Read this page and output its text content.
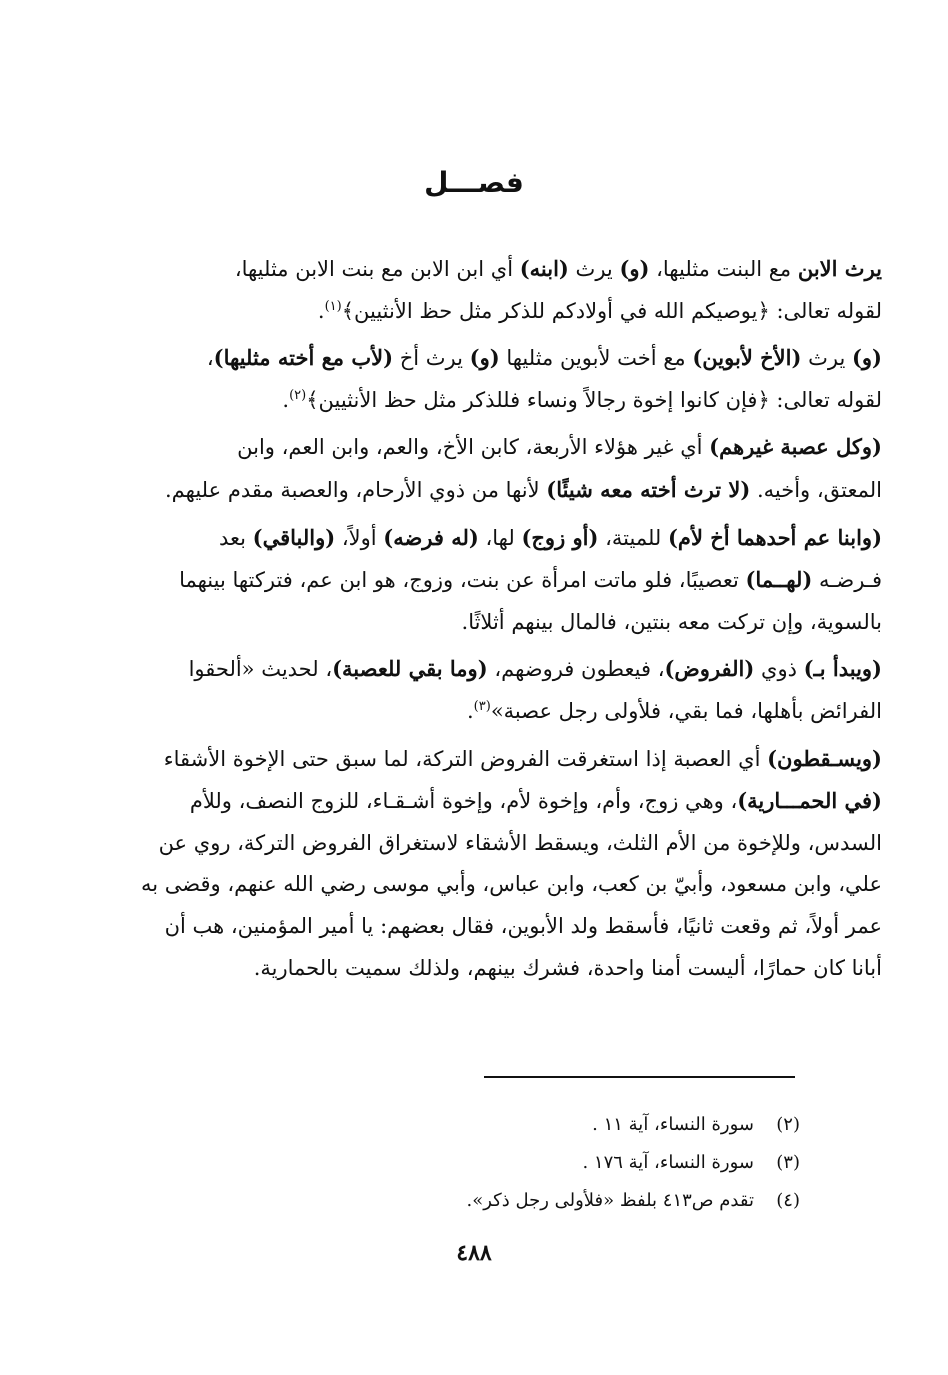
فصـــل
يرث الابن مع البنت مثليها، (و) يرث (ابنه) أي ابن الابن مع بنت الابن مثليها،
لقوله تعالى: ﴿يوصيكم الله في أولادكم للذكر مثل حظ الأنثيين﴾$^{(١)}$.
(و) يرث (الأخ لأبوين) مع أخت لأبوين مثليها (و) يرث أخ (لأب مع أخته مثليها)،
لقوله تعالى: ﴿فإن كانوا إخوة رجالاً ونساء فللذكر مثل حظ الأنثيين﴾$^{(٢)}$.
(وكل عصبة غيرهم) أي غير هؤلاء الأربعة، كابن الأخ، والعم، وابن العم، وابن
المعتق، وأخيه. (لا ترث أخته معه شيئًا) لأنها من ذوي الأرحام، والعصبة مقدم عليهم.
(وابنا عم أحدهما أخ لأم) للميتة، (أو زوج) لها، (له فرضه) أولاً، (والباقي) بعد
فـرضـه (لهــما) تعصيبًا، فلو ماتت امرأة عن بنت، وزوج، هو ابن عم، فتركتها بينهما
بالسوية، وإن تركت معه بنتين، فالمال بينهم أثلاثًا.
(ويبدأ بـ) ذوي (الفروض)، فيعطون فروضهم، (وما بقي للعصبة)، لحديث «ألحقوا
الفرائض بأهلها، فما بقي، فلأولى رجل عصبة»$^{(٣)}$.
(ويسـقطون) أي العصبة إذا استغرقت الفروض التركة، لما سبق حتى الإخوة الأشقاء
(في الحمـــارية)، وهي زوج، وأم، وإخوة لأم، وإخوة أشـقـاء، للزوج النصف، وللأم
السدس، وللإخوة من الأم الثلث، ويسقط الأشقاء لاستغراق الفروض التركة، روي عن
علي، وابن مسعود، وأبيّ بن كعب، وابن عباس، وأبي موسى رضي الله عنهم، وقضى به
عمر أولاً، ثم وقعت ثانيًا، فأسقط ولد الأبوين، فقال بعضهم: يا أمير المؤمنين، هب أن
أبانا كان حمارًا، أليست أمنا واحدة، فشرك بينهم، ولذلك سميت بالحمارية.
(٢)سورة النساء، آية ١١ .
(٣)سورة النساء، آية ١٧٦ .
(٤)تقدم ص٤١٣ بلفظ «فلأولى رجل ذكر».
٤٨٨
